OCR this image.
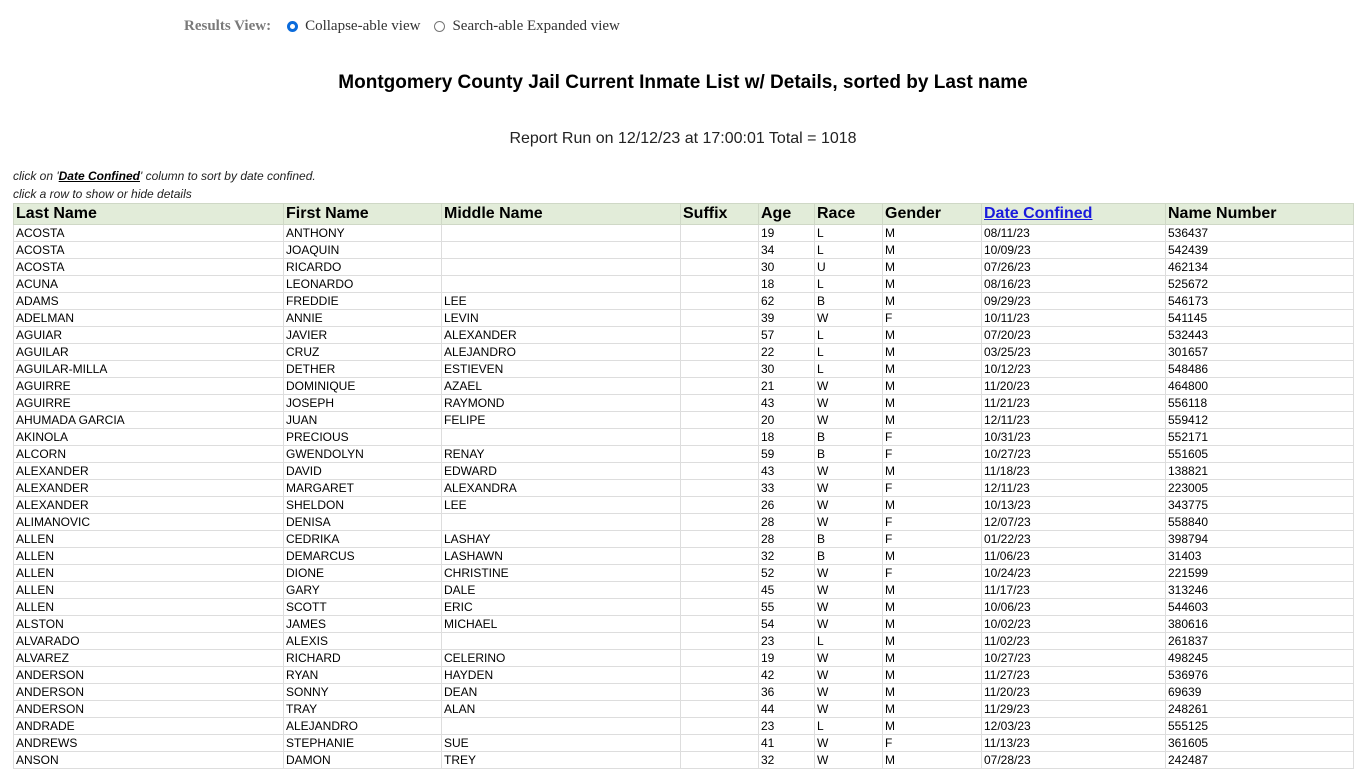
Results View: Collapse-able view Search-able Expanded view
Montgomery County Jail Current Inmate List w/ Details, sorted by Last name
Report Run on 12/12/23 at 17:00:01 Total = 1018
click on 'Date Confined' column to sort by date confined.
click a row to show or hide details
Last Name	First Name	Middle Name	Suffix	Age	Race	Gender	Date Confined	Name Number
ACOSTA	ANTHONY			19	L	M	08/11/23	536437
ACOSTA	JOAQUIN			34	L	M	10/09/23	542439
ACOSTA	RICARDO			30	U	M	07/26/23	462134
ACUNA	LEONARDO			18	L	M	08/16/23	525672
ADAMS	FREDDIE	LEE		62	B	M	09/29/23	546173
ADELMAN	ANNIE	LEVIN		39	W	F	10/11/23	541145
AGUIAR	JAVIER	ALEXANDER		57	L	M	07/20/23	532443
AGUILAR	CRUZ	ALEJANDRO		22	L	M	03/25/23	301657
AGUILAR-MILLA	DETHER	ESTIEVEN		30	L	M	10/12/23	548486
AGUIRRE	DOMINIQUE	AZAEL		21	W	M	11/20/23	464800
AGUIRRE	JOSEPH	RAYMOND		43	W	M	11/21/23	556118
AHUMADA GARCIA	JUAN	FELIPE		20	W	M	12/11/23	559412
AKINOLA	PRECIOUS			18	B	F	10/31/23	552171
ALCORN	GWENDOLYN	RENAY		59	B	F	10/27/23	551605
ALEXANDER	DAVID	EDWARD		43	W	M	11/18/23	138821
ALEXANDER	MARGARET	ALEXANDRA		33	W	F	12/11/23	223005
ALEXANDER	SHELDON	LEE		26	W	M	10/13/23	343775
ALIMANOVIC	DENISA			28	W	F	12/07/23	558840
ALLEN	CEDRIKA	LASHAY		28	B	F	01/22/23	398794
ALLEN	DEMARCUS	LASHAWN		32	B	M	11/06/23	31403
ALLEN	DIONE	CHRISTINE		52	W	F	10/24/23	221599
ALLEN	GARY	DALE		45	W	M	11/17/23	313246
ALLEN	SCOTT	ERIC		55	W	M	10/06/23	544603
ALSTON	JAMES	MICHAEL		54	W	M	10/02/23	380616
ALVARADO	ALEXIS			23	L	M	11/02/23	261837
ALVAREZ	RICHARD	CELERINO		19	W	M	10/27/23	498245
ANDERSON	RYAN	HAYDEN		42	W	M	11/27/23	536976
ANDERSON	SONNY	DEAN		36	W	M	11/20/23	69639
ANDERSON	TRAY	ALAN		44	W	M	11/29/23	248261
ANDRADE	ALEJANDRO			23	L	M	12/03/23	555125
ANDREWS	STEPHANIE	SUE		41	W	F	11/13/23	361605
ANSON	DAMON	TREY		32	W	M	07/28/23	242487
